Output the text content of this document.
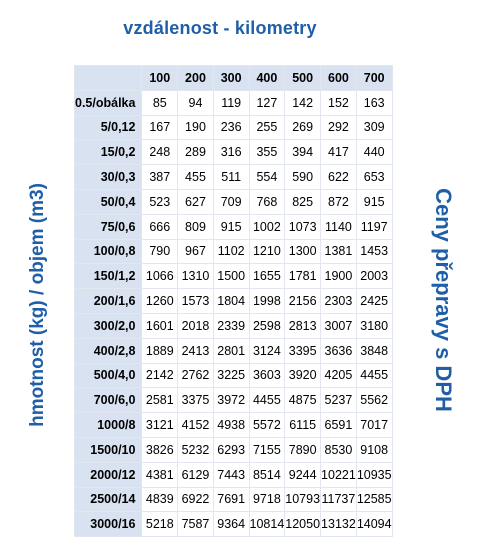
vzdálenost - kilometry
hmotnost (kg) / objem (m3)	Ceny přepravy s DPH
	100	200	300	400	500	600	700
0.5/obálka	85	94	119	127	142	152	163
5/0,12	167	190	236	255	269	292	309
15/0,2	248	289	316	355	394	417	440
30/0,3	387	455	511	554	590	622	653
50/0,4	523	627	709	768	825	872	915
75/0,6	666	809	915	1002	1073	1140	1197
100/0,8	790	967	1102	1210	1300	1381	1453
150/1,2	1066	1310	1500	1655	1781	1900	2003
200/1,6	1260	1573	1804	1998	2156	2303	2425
300/2,0	1601	2018	2339	2598	2813	3007	3180
400/2,8	1889	2413	2801	3124	3395	3636	3848
500/4,0	2142	2762	3225	3603	3920	4205	4455
700/6,0	2581	3375	3972	4455	4875	5237	5562
1000/8	3121	4152	4938	5572	6115	6591	7017
1500/10	3826	5232	6293	7155	7890	8530	9108
2000/12	4381	6129	7443	8514	9244	10221	10935
2500/14	4839	6922	7691	9718	10793	11737	12585
3000/16	5218	7587	9364	10814	12050	13132	14094
